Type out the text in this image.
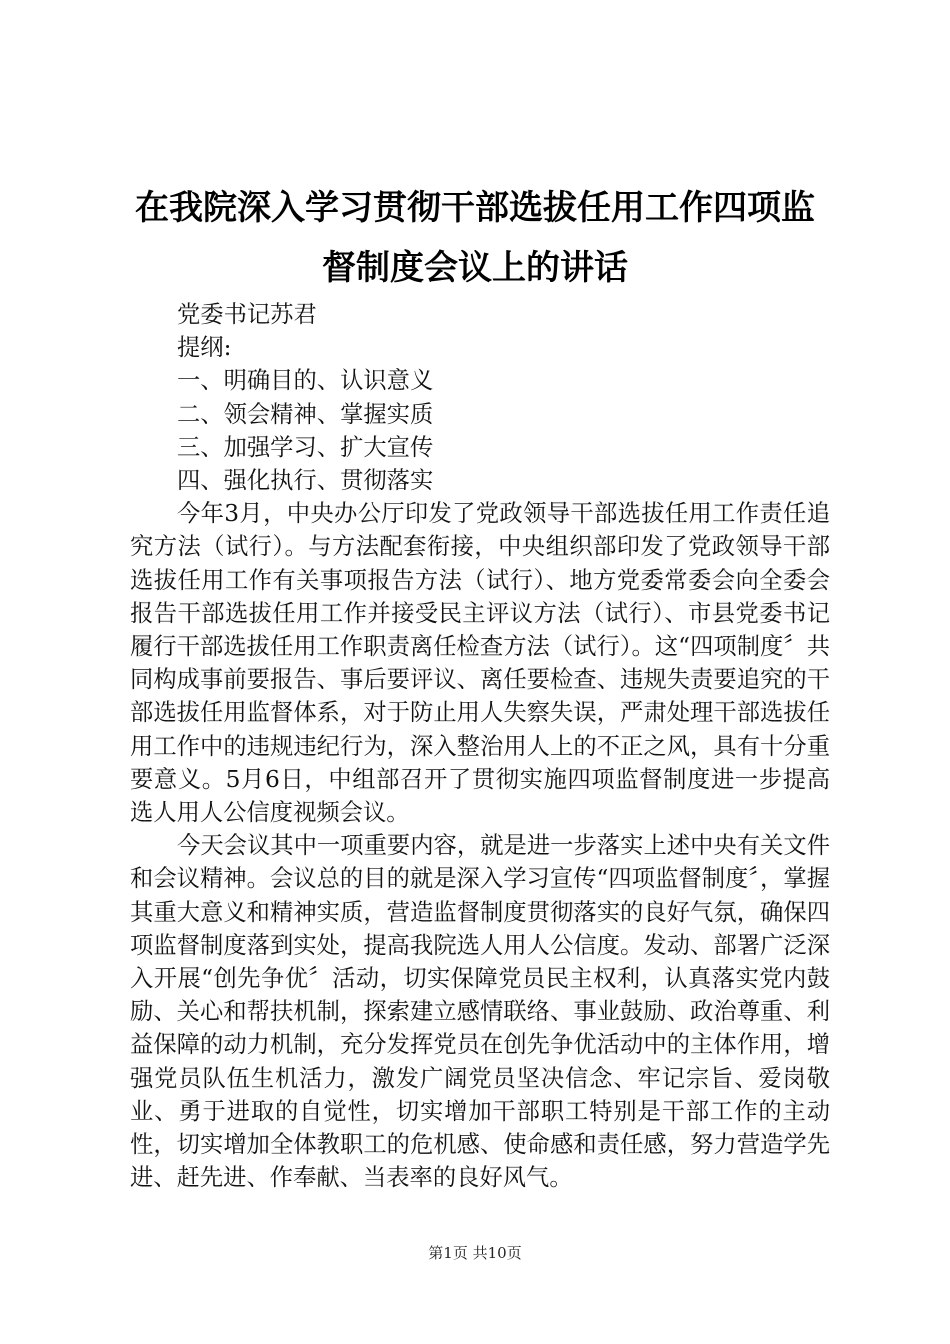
在我院深入学习贯彻干部选拔任用工作四项监督制度会议上的讲话

党委书记苏君

提纲:

一、明确目的、认识意义

二、领会精神、掌握实质

三、加强学习、扩大宣传

四、强化执行、贯彻落实

今年3月，中央办公厅印发了党政领导干部选拔任用工作责任追究方法（试行）。与方法配套衔接，中央组织部印发了党政领导干部选拔任用工作有关事项报告方法（试行）、地方党委常委会向全委会报告干部选拔任用工作并接受民主评议方法（试行）、市县党委书记履行干部选拔任用工作职责离任检查方法（试行）。这“四项制度〞共同构成事前要报告、事后要评议、离任要检查、违规失责要追究的干部选拔任用监督体系，对于防止用人失察失误，严肃处理干部选拔任用工作中的违规违纪行为，深入整治用人上的不正之风，具有十分重要意义。5月6日，中组部召开了贯彻实施四项监督制度进一步提高选人用人公信度视频会议。

今天会议其中一项重要内容，就是进一步落实上述中央有关文件和会议精神。会议总的目的就是深入学习宣传“四项监督制度〞，掌握其重大意义和精神实质，营造监督制度贯彻落实的良好气氛，确保四项监督制度落到实处，提高我院选人用人公信度。发动、部署广泛深入开展“创先争优〞活动，切实保障党员民主权利，认真落实党内鼓励、关心和帮扶机制，探索建立感情联络、事业鼓励、政治尊重、利益保障的动力机制，充分发挥党员在创先争优活动中的主体作用，增强党员队伍生机活力，激发广阔党员坚决信念、牢记宗旨、爱岗敬业、勇于进取的自觉性，切实增加干部职工特别是干部工作的主动性，切实增加全体教职工的危机感、使命感和责任感，努力营造学先进、赶先进、作奉献、当表率的良好风气。

第1页 共10页
